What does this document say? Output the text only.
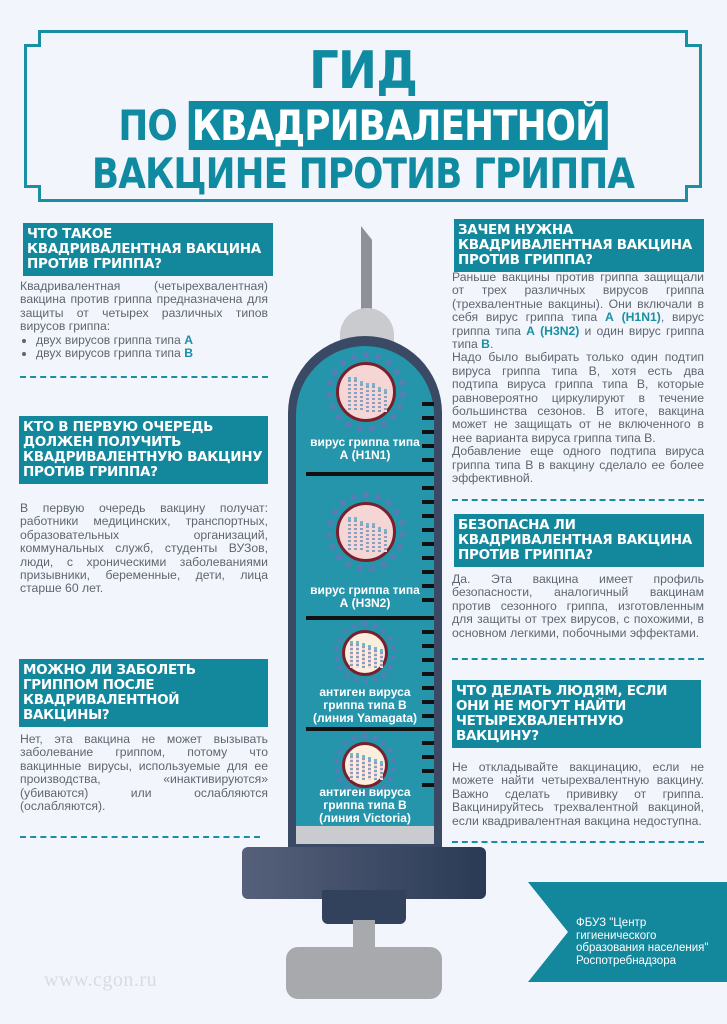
ГИД
ПО КВАДРИВАЛЕНТНОЙ
ВАКЦИНЕ ПРОТИВ ГРИППА
ЧТО ТАКОЕ КВАДРИВАЛЕНТНАЯ ВАКЦИНА ПРОТИВ ГРИППА?
Квадривалентная (четырехвалентная) вакцина против гриппа предназначена для защиты от четырех различных типов вирусов гриппа:
• двух вирусов гриппа типа А
• двух вирусов гриппа типа В
КТО В ПЕРВУЮ ОЧЕРЕДЬ ДОЛЖЕН ПОЛУЧИТЬ КВАДРИВАЛЕНТНУЮ ВАКЦИНУ ПРОТИВ ГРИППА?
В первую очередь вакцину получат: работники медицинских, транспортных, образовательных организаций, коммунальных служб, студенты ВУЗов, люди, с хроническими заболеваниями призывники, беременные, дети, лица старше 60 лет.
МОЖНО ЛИ ЗАБОЛЕТЬ ГРИППОМ ПОСЛЕ КВАДРИВАЛЕНТНОЙ ВАКЦИНЫ?
Нет, эта вакцина не может вызывать заболевание гриппом, потому что вакцинные вирусы, используемые для ее производства, «инактивируются» (убиваются) или ослабляются (ослабляются).
вирус гриппа типа
А (H1N1)
вирус гриппа типа
А (H3N2)
антиген вируса
гриппа типа В
(линия Yamagata)
антиген вируса
гриппа типа В
(линия Victoria)
ЗАЧЕМ НУЖНА КВАДРИВАЛЕНТНАЯ ВАКЦИНА ПРОТИВ ГРИППА?
Раньше вакцины против гриппа защищали от трех различных вирусов гриппа (трехвалентные вакцины). Они включали в себя вирус гриппа типа А (H1N1), вирус гриппа типа А (H3N2) и один вирус гриппа типа В.
Надо было выбирать только один подтип вируса гриппа типа В, хотя есть два подтипа вируса гриппа типа В, которые равновероятно циркулируют в течение большинства сезонов. В итоге, вакцина может не защищать от не включенного в нее варианта вируса гриппа типа В.
Добавление еще одного подтипа вируса гриппа типа В в вакцину сделало ее более эффективной.
БЕЗОПАСНА ЛИ КВАДРИВАЛЕНТНАЯ ВАКЦИНА ПРОТИВ ГРИППА?
Да. Эта вакцина имеет профиль безопасности, аналогичный вакцинам против сезонного гриппа, изготовленным для защиты от трех вирусов, с похожими, в основном легкими, побочными эффектами.
ЧТО ДЕЛАТЬ ЛЮДЯМ, ЕСЛИ ОНИ НЕ МОГУТ НАЙТИ ЧЕТЫРЕХВАЛЕНТНУЮ ВАКЦИНУ?
Не откладывайте вакцинацию, если не можете найти четырехвалентную вакцину. Важно сделать прививку от гриппа. Вакцинируйтесь трехвалентной вакциной, если квадривалентная вакцина недоступна.
ФБУЗ "Центр
гигиенического
образования населения"
Роспотребнадзора
www.cgon.ru
